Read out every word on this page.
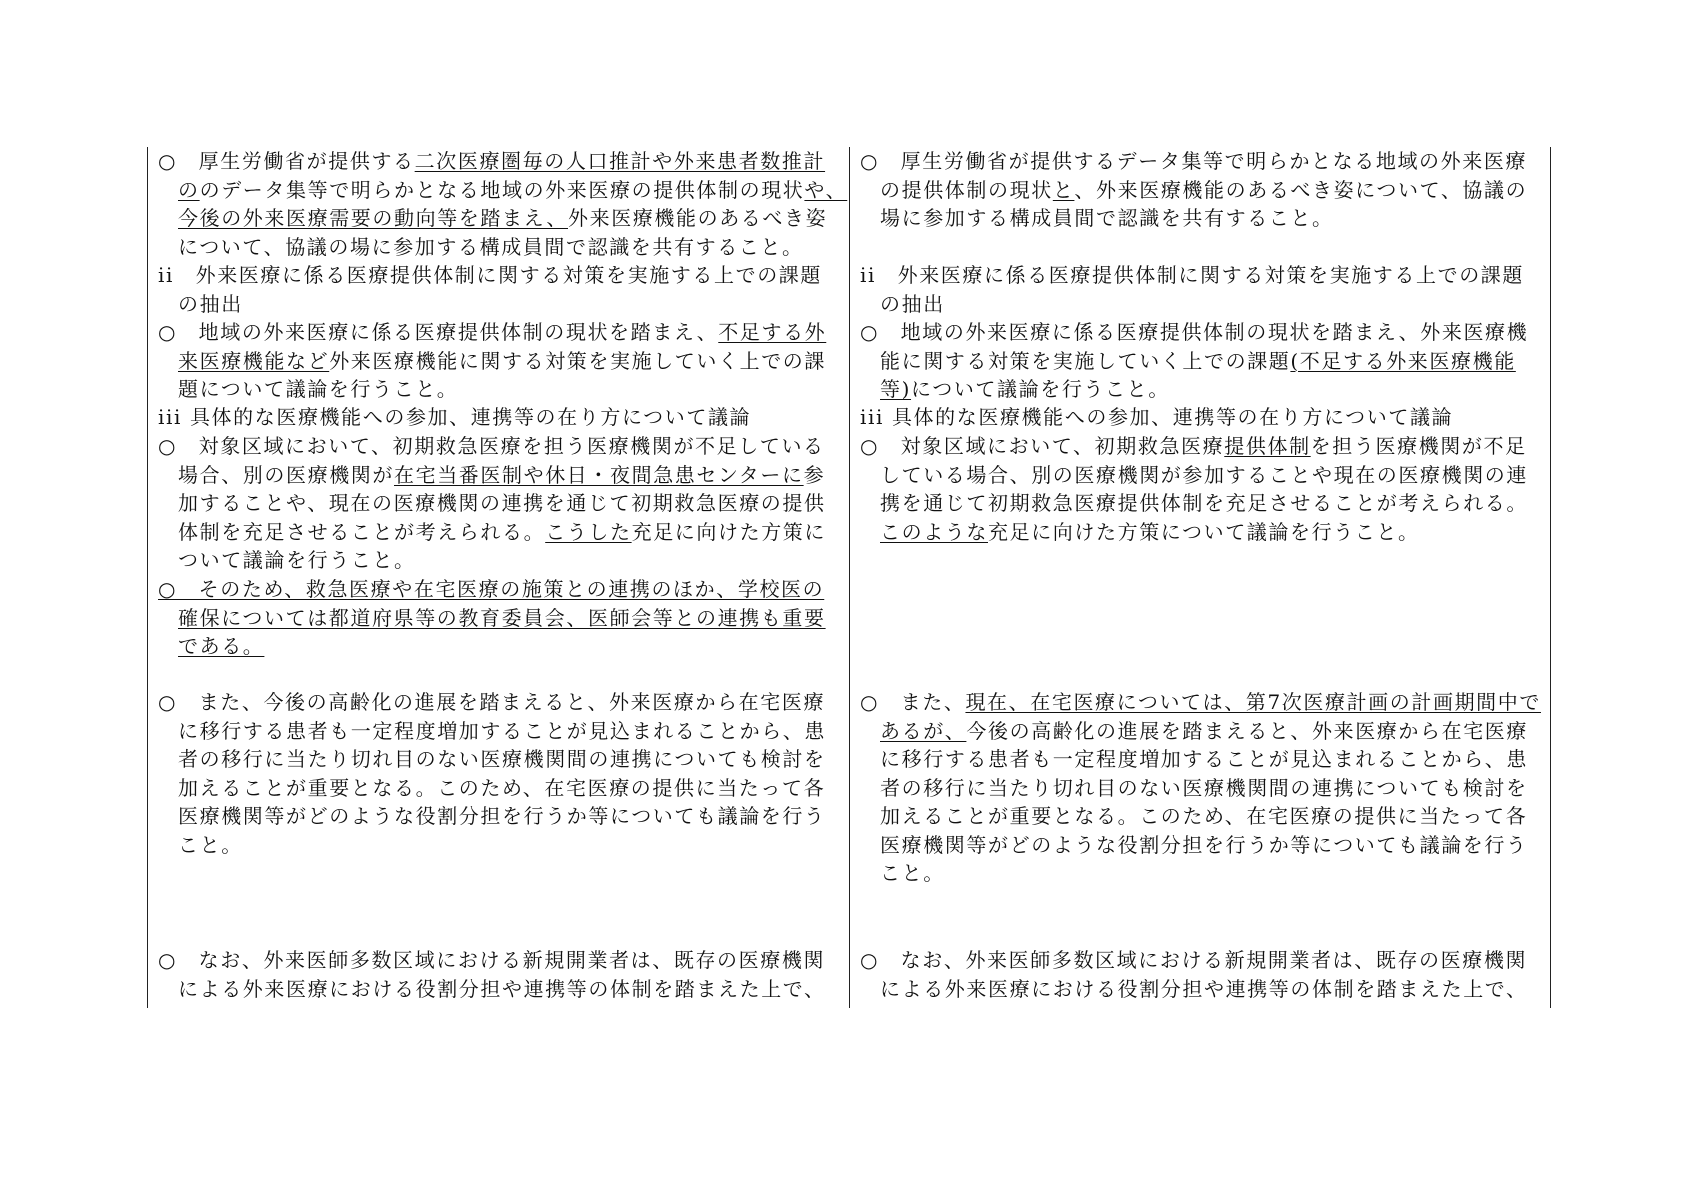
○　厚生労働省が提供する二次医療圏毎の人口推計や外来患者数推計
ののデータ集等で明らかとなる地域の外来医療の提供体制の現状や、
今後の外来医療需要の動向等を踏まえ、外来医療機能のあるべき姿
について、協議の場に参加する構成員間で認識を共有すること。
ii　外来医療に係る医療提供体制に関する対策を実施する上での課題
の抽出
○　地域の外来医療に係る医療提供体制の現状を踏まえ、不足する外
来医療機能など外来医療機能に関する対策を実施していく上での課
題について議論を行うこと。
iii 具体的な医療機能への参加、連携等の在り方について議論
○　対象区域において、初期救急医療を担う医療機関が不足している
場合、別の医療機関が在宅当番医制や休日・夜間急患センターに参
加することや、現在の医療機関の連携を通じて初期救急医療の提供
体制を充足させることが考えられる。こうした充足に向けた方策に
ついて議論を行うこと。
○　そのため、救急医療や在宅医療の施策との連携のほか、学校医の
確保については都道府県等の教育委員会、医師会等との連携も重要
である。
○　また、今後の高齢化の進展を踏まえると、外来医療から在宅医療
に移行する患者も一定程度増加することが見込まれることから、患
者の移行に当たり切れ目のない医療機関間の連携についても検討を
加えることが重要となる。このため、在宅医療の提供に当たって各
医療機関等がどのような役割分担を行うか等についても議論を行う
こと。
○　なお、外来医師多数区域における新規開業者は、既存の医療機関
による外来医療における役割分担や連携等の体制を踏まえた上で、
○　厚生労働省が提供するデータ集等で明らかとなる地域の外来医療
の提供体制の現状と、外来医療機能のあるべき姿について、協議の
場に参加する構成員間で認識を共有すること。
ii　外来医療に係る医療提供体制に関する対策を実施する上での課題
の抽出
○　地域の外来医療に係る医療提供体制の現状を踏まえ、外来医療機
能に関する対策を実施していく上での課題(不足する外来医療機能
等)について議論を行うこと。
iii 具体的な医療機能への参加、連携等の在り方について議論
○　対象区域において、初期救急医療提供体制を担う医療機関が不足
している場合、別の医療機関が参加することや現在の医療機関の連
携を通じて初期救急医療提供体制を充足させることが考えられる。
このような充足に向けた方策について議論を行うこと。
○　また、現在、在宅医療については、第7次医療計画の計画期間中で
あるが、今後の高齢化の進展を踏まえると、外来医療から在宅医療
に移行する患者も一定程度増加することが見込まれることから、患
者の移行に当たり切れ目のない医療機関間の連携についても検討を
加えることが重要となる。このため、在宅医療の提供に当たって各
医療機関等がどのような役割分担を行うか等についても議論を行う
こと。
○　なお、外来医師多数区域における新規開業者は、既存の医療機関
による外来医療における役割分担や連携等の体制を踏まえた上で、
